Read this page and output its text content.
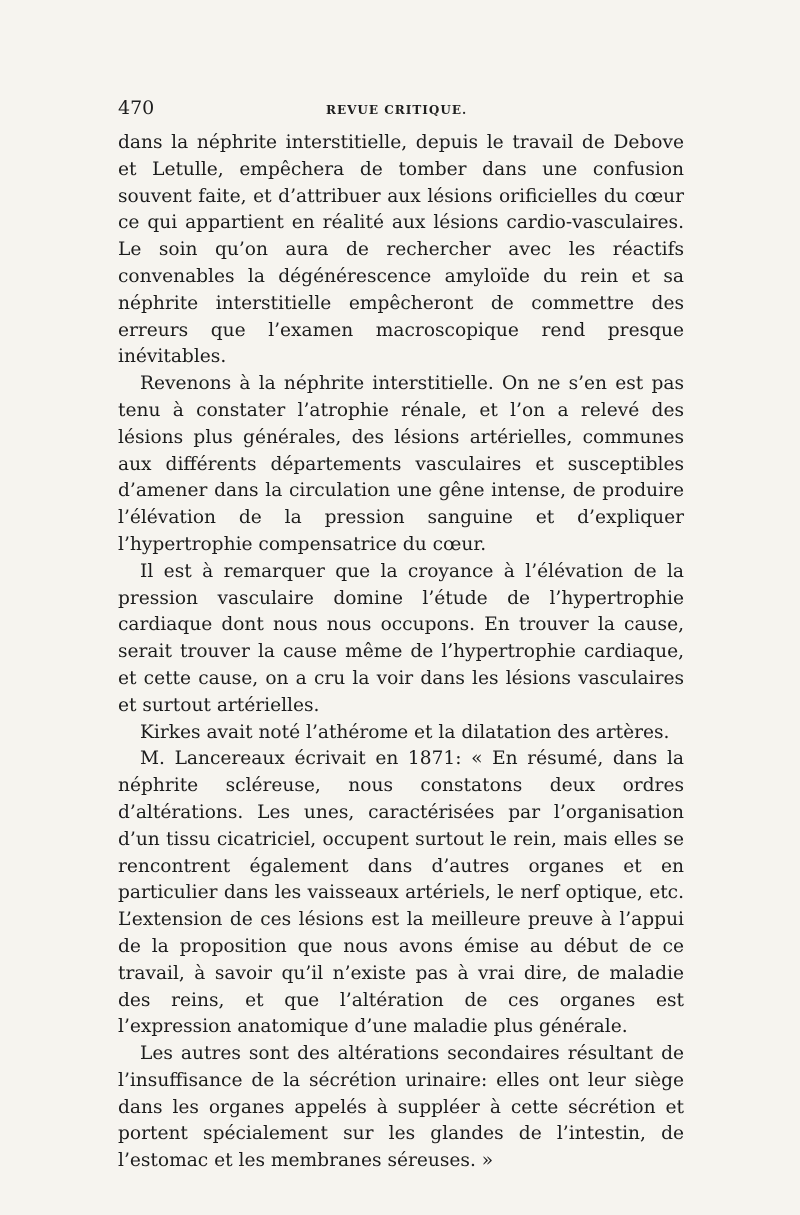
470	REVUE CRITIQUE.

dans la néphrite interstitielle, depuis le travail de Debove et Letulle, empêchera de tomber dans une confusion souvent faite, et d’attribuer aux lésions orificielles du cœur ce qui appartient en réalité aux lésions cardio-vasculaires. Le soin qu’on aura de rechercher avec les réactifs convenables la dégénérescence amyloïde du rein et sa néphrite interstitielle empêcheront de commettre des erreurs que l’examen macroscopique rend presque inévitables.

Revenons à la néphrite interstitielle. On ne s’en est pas tenu à constater l’atrophie rénale, et l’on a relevé des lésions plus générales, des lésions artérielles, communes aux différents départements vasculaires et susceptibles d’amener dans la circulation une gêne intense, de produire l’élévation de la pression sanguine et d’expliquer l’hypertrophie compensatrice du cœur.

Il est à remarquer que la croyance à l’élévation de la pression vasculaire domine l’étude de l’hypertrophie cardiaque dont nous nous occupons. En trouver la cause, serait trouver la cause même de l’hypertrophie cardiaque, et cette cause, on a cru la voir dans les lésions vasculaires et surtout artérielles.

Kirkes avait noté l’athérome et la dilatation des artères.

M. Lancereaux écrivait en 1871: « En résumé, dans la néphrite scléreuse, nous constatons deux ordres d’altérations. Les unes, caractérisées par l’organisation d’un tissu cicatriciel, occupent surtout le rein, mais elles se rencontrent également dans d’autres organes et en particulier dans les vaisseaux artériels, le nerf optique, etc. L’extension de ces lésions est la meilleure preuve à l’appui de la proposition que nous avons émise au début de ce travail, à savoir qu’il n’existe pas à vrai dire, de maladie des reins, et que l’altération de ces organes est l’expression anatomique d’une maladie plus générale.

Les autres sont des altérations secondaires résultant de l’insuffisance de la sécrétion urinaire: elles ont leur siège dans les organes appelés à suppléer à cette sécrétion et portent spécialement sur les glandes de l’intestin, de l’estomac et les membranes séreuses. »
